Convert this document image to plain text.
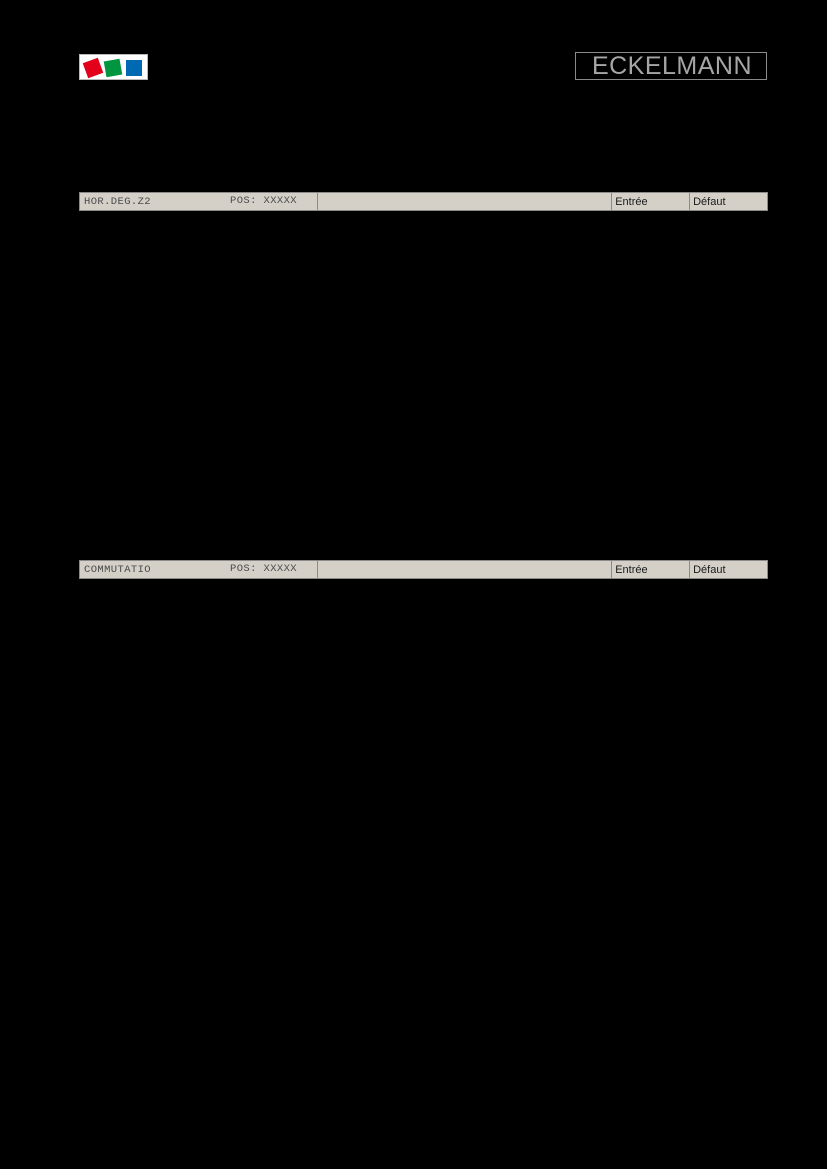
ECKELMANN
HOR.DEG.Z2	POS: XXXXX	Entrée	Défaut
COMMUTATIO	POS: XXXXX	Entrée	Défaut
